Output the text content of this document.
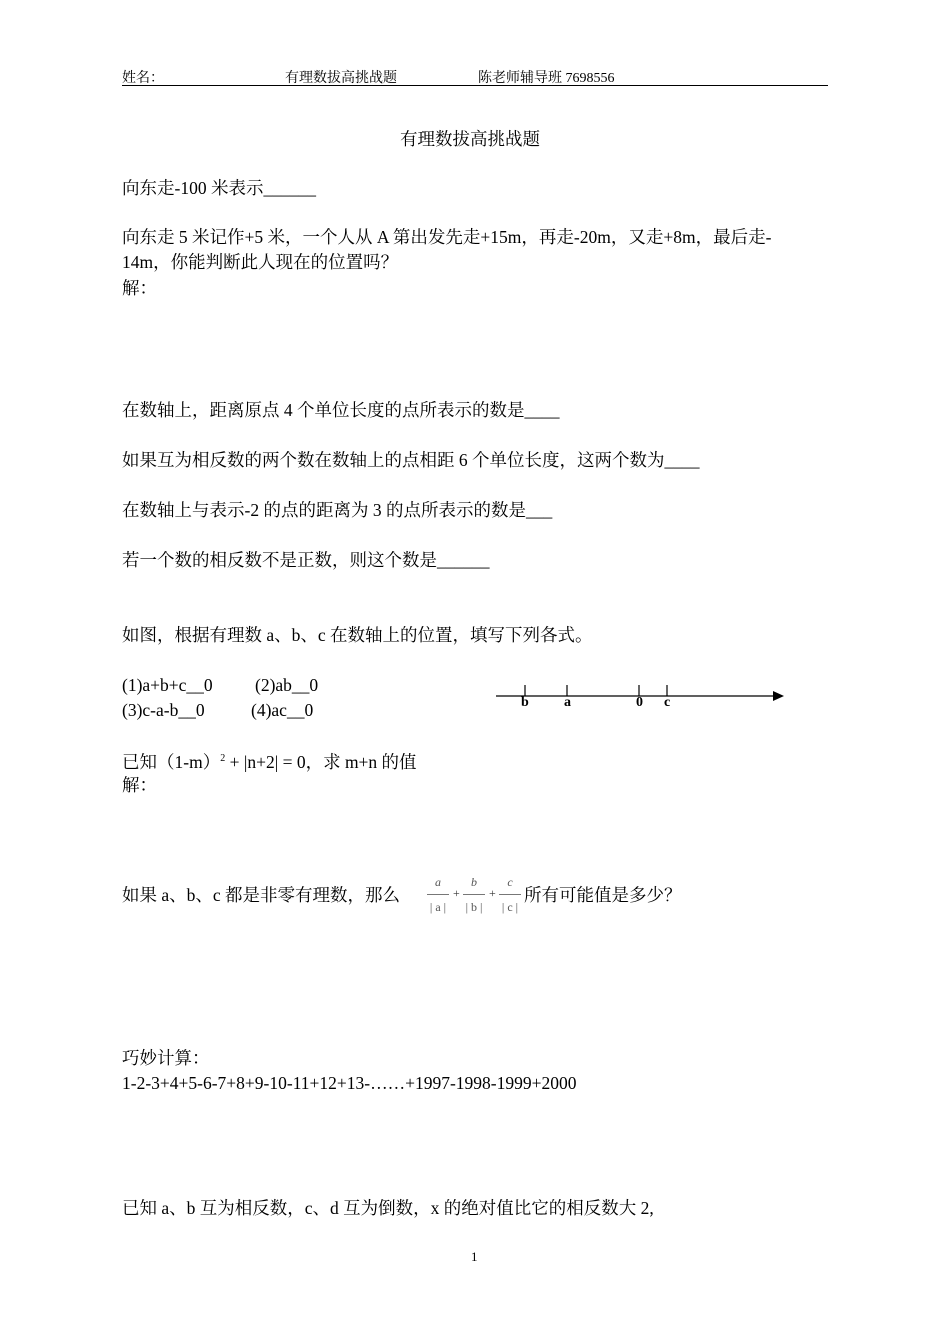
姓名：	有理数拔高挑战题	陈老师辅导班 7698556
有理数拔高挑战题
向东走-100 米表示______
向东走 5 米记作+5 米，一个人从 A 第出发先走+15m，再走-20m，又走+8m，最后走-
14m，你能判断此人现在的位置吗？
解：
在数轴上，距离原点 4 个单位长度的点所表示的数是____
如果互为相反数的两个数在数轴上的点相距 6 个单位长度，这两个数为____
在数轴上与表示-2 的点的距离为 3 的点所表示的数是___
若一个数的相反数不是正数，则这个数是______
如图，根据有理数 a、b、c 在数轴上的位置，填写下列各式。
(1)a+b+c__0 (2)ab__0
(3)c-a-b__0	(4)ac__0	b	a	0 c
已知$(1-m)^2 + |n+2| = 0$，求 m+n 的值
解：
如果 a、b、c 都是非零有理数，那么
a
| a |
+
b
| b |
+
c
| c |
所有可能值是多少？
巧妙计算：
1-2-3+4+5-6-7+8+9-10-11+12+13-……+1997-1998-1999+2000
已知 a、b 互为相反数，c、d 互为倒数，x 的绝对值比它的相反数大 2,
1
